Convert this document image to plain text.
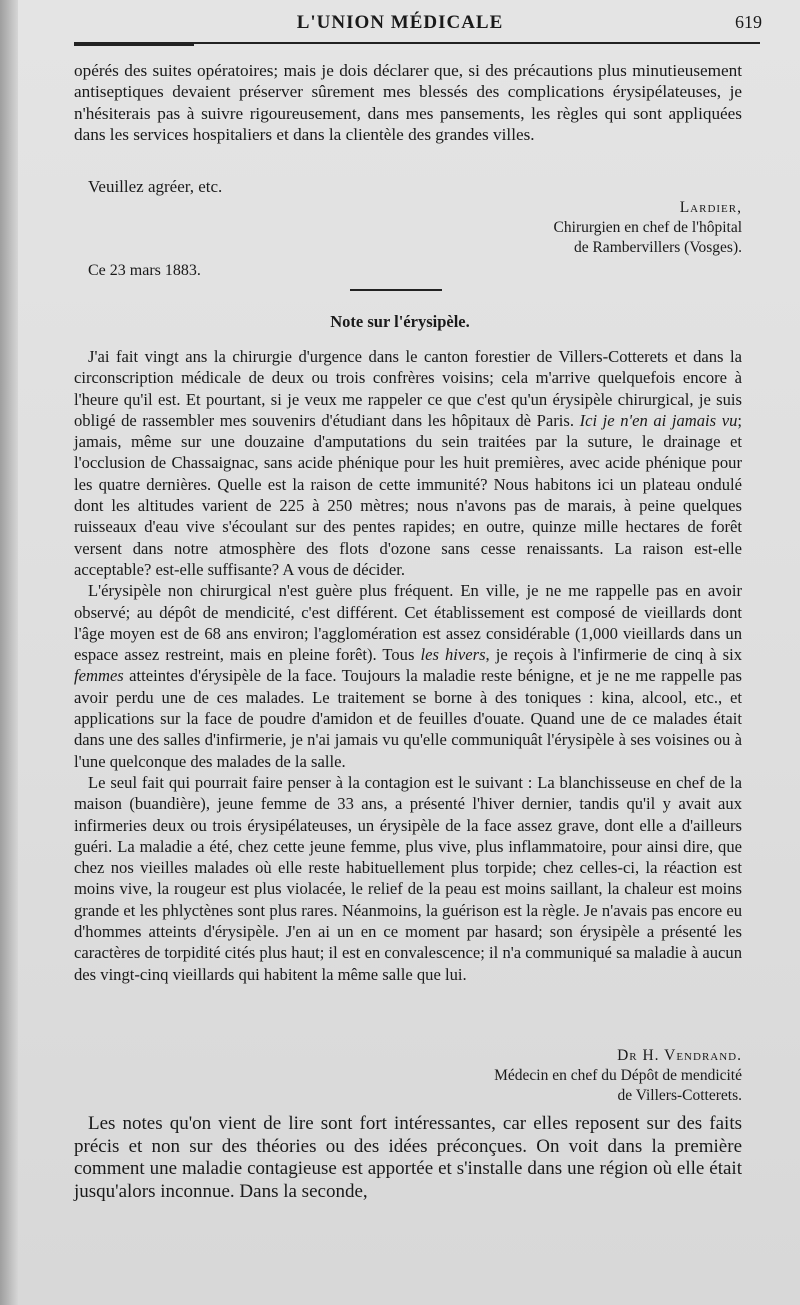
L'UNION MÉDICALE	619

opérés des suites opératoires; mais je dois déclarer que, si des précautions plus minutieusement antiseptiques devaient préserver sûrement mes blessés des complications érysipélateuses, je n'hésiterais pas à suivre rigoureusement, dans mes pansements, les règles qui sont appliquées dans les services hospitaliers et dans la clientèle des grandes villes.

Veuillez agréer, etc.
Lardier,
Chirurgien en chef de l'hôpital
de Rambervillers (Vosges).
Ce 23 mars 1883.
Note sur l'érysipèle.

J'ai fait vingt ans la chirurgie d'urgence dans le canton forestier de Villers-Cotterets et dans la circonscription médicale de deux ou trois confrères voisins; cela m'arrive quelquefois encore à l'heure qu'il est. Et pourtant, si je veux me rappeler ce que c'est qu'un érysipèle chirurgical, je suis obligé de rassembler mes souvenirs d'étudiant dans les hôpitaux dè Paris. Ici je n'en ai jamais vu; jamais, même sur une douzaine d'amputations du sein traitées par la suture, le drainage et l'occlusion de Chassaignac, sans acide phénique pour les huit premières, avec acide phénique pour les quatre dernières. Quelle est la raison de cette immunité? Nous habitons ici un plateau ondulé dont les altitudes varient de 225 à 250 mètres; nous n'avons pas de marais, à peine quelques ruisseaux d'eau vive s'écoulant sur des pentes rapides; en outre, quinze mille hectares de forêt versent dans notre atmosphère des flots d'ozone sans cesse renaissants. La raison est-elle acceptable? est-elle suffisante? A vous de décider.

L'érysipèle non chirurgical n'est guère plus fréquent. En ville, je ne me rappelle pas en avoir observé; au dépôt de mendicité, c'est différent. Cet établissement est composé de vieillards dont l'âge moyen est de 68 ans environ; l'agglomération est assez considérable (1,000 vieillards dans un espace assez restreint, mais en pleine forêt). Tous les hivers, je reçois à l'infirmerie de cinq à six femmes atteintes d'érysipèle de la face. Toujours la maladie reste bénigne, et je ne me rappelle pas avoir perdu une de ces malades. Le traitement se borne à des toniques : kina, alcool, etc., et applications sur la face de poudre d'amidon et de feuilles d'ouate. Quand une de ce malades était dans une des salles d'infirmerie, je n'ai jamais vu qu'elle communiquât l'érysipèle à ses voisines ou à l'une quelconque des malades de la salle.

Le seul fait qui pourrait faire penser à la contagion est le suivant : La blanchisseuse en chef de la maison (buandière), jeune femme de 33 ans, a présenté l'hiver dernier, tandis qu'il y avait aux infirmeries deux ou trois érysipélateuses, un érysipèle de la face assez grave, dont elle a d'ailleurs guéri. La maladie a été, chez cette jeune femme, plus vive, plus inflammatoire, pour ainsi dire, que chez nos vieilles malades où elle reste habituellement plus torpide; chez celles-ci, la réaction est moins vive, la rougeur est plus violacée, le relief de la peau est moins saillant, la chaleur est moins grande et les phlyctènes sont plus rares. Néanmoins, la guérison est la règle. Je n'avais pas encore eu d'hommes atteints d'érysipèle. J'en ai un en ce moment par hasard; son érysipèle a présenté les caractères de torpidité cités plus haut; il est en convalescence; il n'a communiqué sa maladie à aucun des vingt-cinq vieillards qui habitent la même salle que lui.

Dr H. Vendrand.
Médecin en chef du Dépôt de mendicité
de Villers-Cotterets.

Les notes qu'on vient de lire sont fort intéressantes, car elles reposent sur des faits précis et non sur des théories ou des idées préconçues. On voit dans la première comment une maladie contagieuse est apportée et s'installe dans une région où elle était jusqu'alors inconnue. Dans la seconde,
